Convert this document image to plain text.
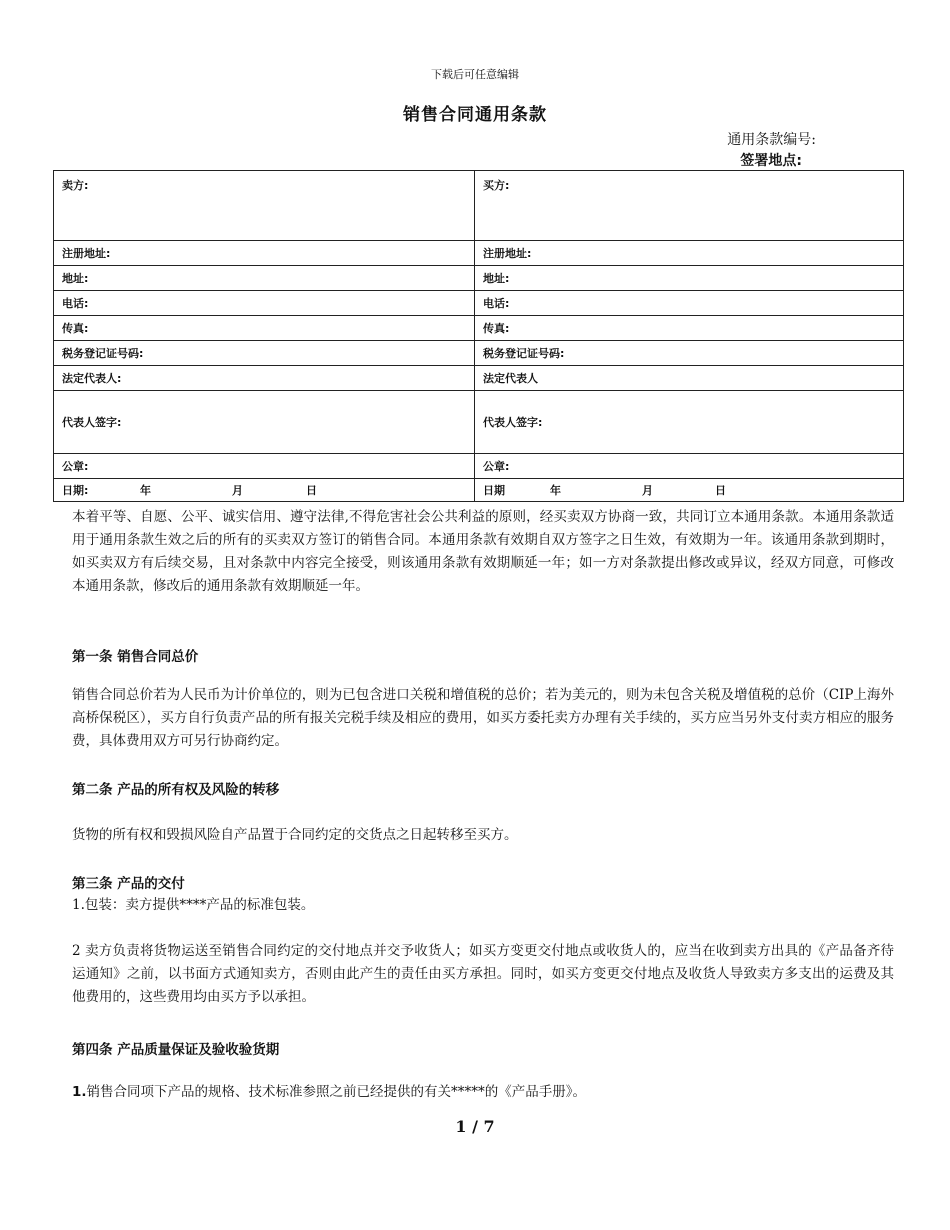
下载后可任意编辑
销售合同通用条款
通用条款编号:
签署地点:
卖方:	买方:
注册地址:	注册地址:
地址:	地址:
电话:	电话:
传真:	传真:
税务登记证号码:	税务登记证号码:
法定代表人:	法定代表人
代表人签字:	代表人签字:
公章:	公章:
日期: 年 月 日	日期 年 月 日
本着平等、自愿、公平、诚实信用、遵守法律,不得危害社会公共利益的原则，经买卖双方协商一致，共同订立本通用条款。本通用条款适用于通用条款生效之后的所有的买卖双方签订的销售合同。本通用条款有效期自双方签字之日生效，有效期为一年。该通用条款到期时，如买卖双方有后续交易，且对条款中内容完全接受，则该通用条款有效期顺延一年；如一方对条款提出修改或异议，经双方同意，可修改本通用条款，修改后的通用条款有效期顺延一年。
第一条 销售合同总价
销售合同总价若为人民币为计价单位的，则为已包含进口关税和增值税的总价；若为美元的，则为未包含关税及增值税的总价（CIP上海外高桥保税区），买方自行负责产品的所有报关完税手续及相应的费用，如买方委托卖方办理有关手续的，买方应当另外支付卖方相应的服务费，具体费用双方可另行协商约定。
第二条 产品的所有权及风险的转移
货物的所有权和毁损风险自产品置于合同约定的交货点之日起转移至买方。
第三条 产品的交付
1.包装：卖方提供****产品的标准包装。
2 卖方负责将货物运送至销售合同约定的交付地点并交予收货人；如买方变更交付地点或收货人的，应当在收到卖方出具的《产品备齐待运通知》之前，以书面方式通知卖方，否则由此产生的责任由买方承担。同时，如买方变更交付地点及收货人导致卖方多支出的运费及其他费用的，这些费用均由买方予以承担。
第四条 产品质量保证及验收验货期
1.销售合同项下产品的规格、技术标准参照之前已经提供的有关*****的《产品手册》。
1 / 7
